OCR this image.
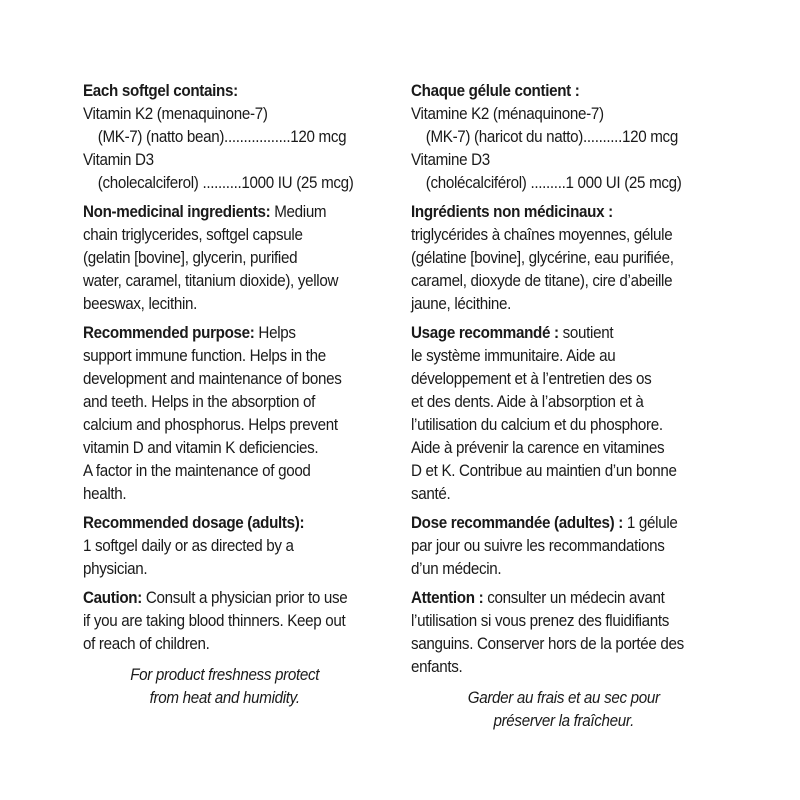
Each softgel contains:
Vitamin K2 (menaquinone-7)
(MK-7) (natto bean).................120 mcg
Vitamin D3
(cholecalciferol) ..........1000 IU (25 mcg)
Non-medicinal ingredients: Medium
chain triglycerides, softgel capsule
(gelatin [bovine], glycerin, purified
water, caramel, titanium dioxide), yellow
beeswax, lecithin.
Recommended purpose: Helps
support immune function. Helps in the
development and maintenance of bones
and teeth. Helps in the absorption of
calcium and phosphorus. Helps prevent
vitamin D and vitamin K deficiencies.
A factor in the maintenance of good
health.
Recommended dosage (adults):
1 softgel daily or as directed by a
physician.
Caution: Consult a physician prior to use
if you are taking blood thinners. Keep out
of reach of children.
For product freshness protect
from heat and humidity.
Chaque gélule contient :
Vitamine K2 (ménaquinone-7)
(MK-7) (haricot du natto)..........120 mcg
Vitamine D3
(cholécalciférol) .........1 000 UI (25 mcg)
Ingrédients non médicinaux :
triglycérides à chaînes moyennes, gélule
(gélatine [bovine], glycérine, eau purifiée,
caramel, dioxyde de titane), cire d’abeille
jaune, lécithine.
Usage recommandé : soutient
le système immunitaire. Aide au
développement et à l’entretien des os
et des dents. Aide à l’absorption et à
l’utilisation du calcium et du phosphore.
Aide à prévenir la carence en vitamines
D et K. Contribue au maintien d’un bonne
santé.
Dose recommandée (adultes) : 1 gélule
par jour ou suivre les recommandations
d’un médecin.
Attention : consulter un médecin avant
l’utilisation si vous prenez des fluidifiants
sanguins. Conserver hors de la portée des
enfants.
Garder au frais et au sec pour
préserver la fraîcheur.
